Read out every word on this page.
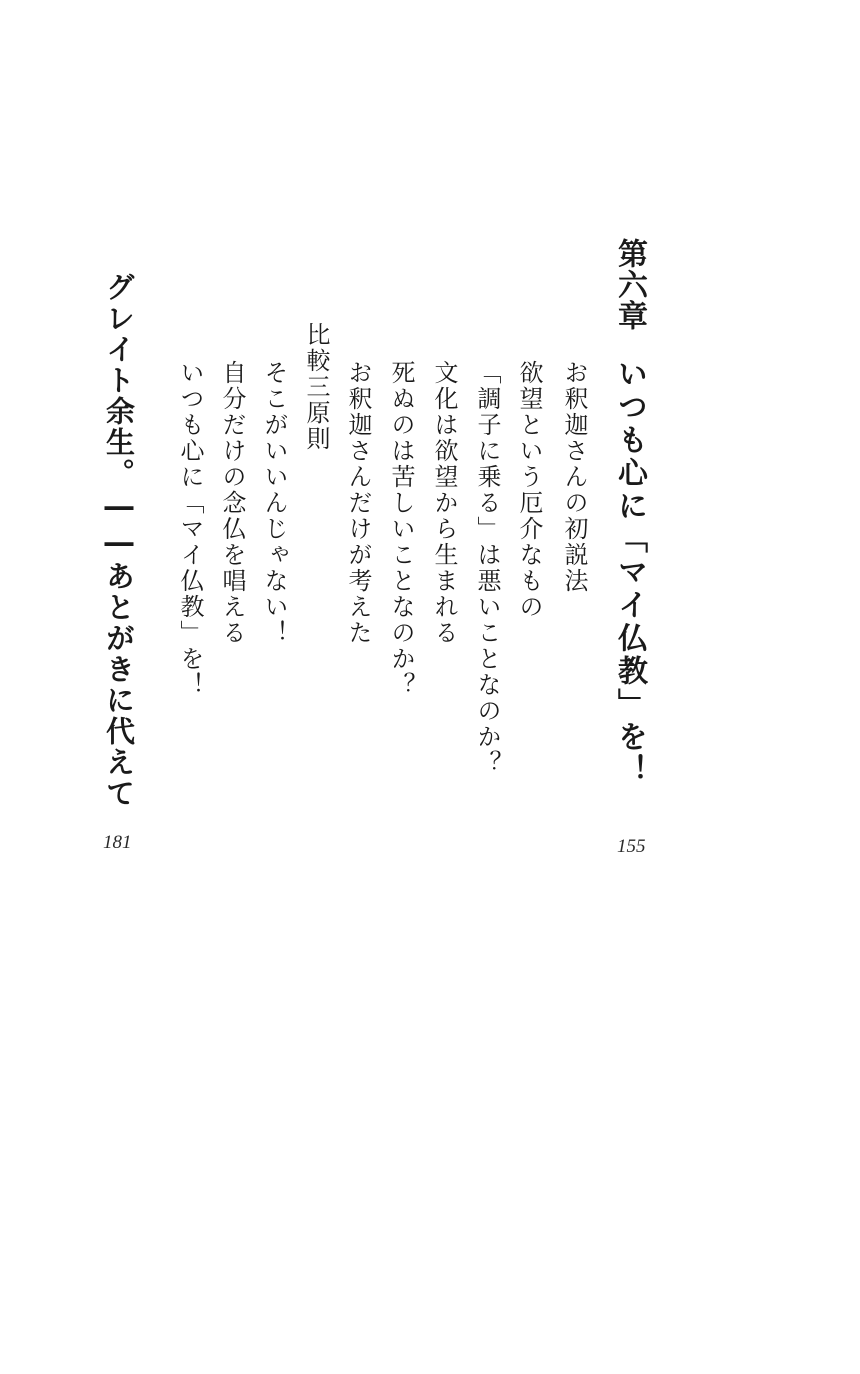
第六章
いつも心に「マイ仏教」を！
お釈迦さんの初説法
欲望という厄介なもの
「調子に乗る」は悪いことなのか？
文化は欲望から生まれる
死ぬのは苦しいことなのか？
お釈迦さんだけが考えた
比較三原則
そこがいいんじゃない！
自分だけの念仏を唱える
いつも心に「マイ仏教」を！
グレイト余生。――あとがきに代えて
155
181
